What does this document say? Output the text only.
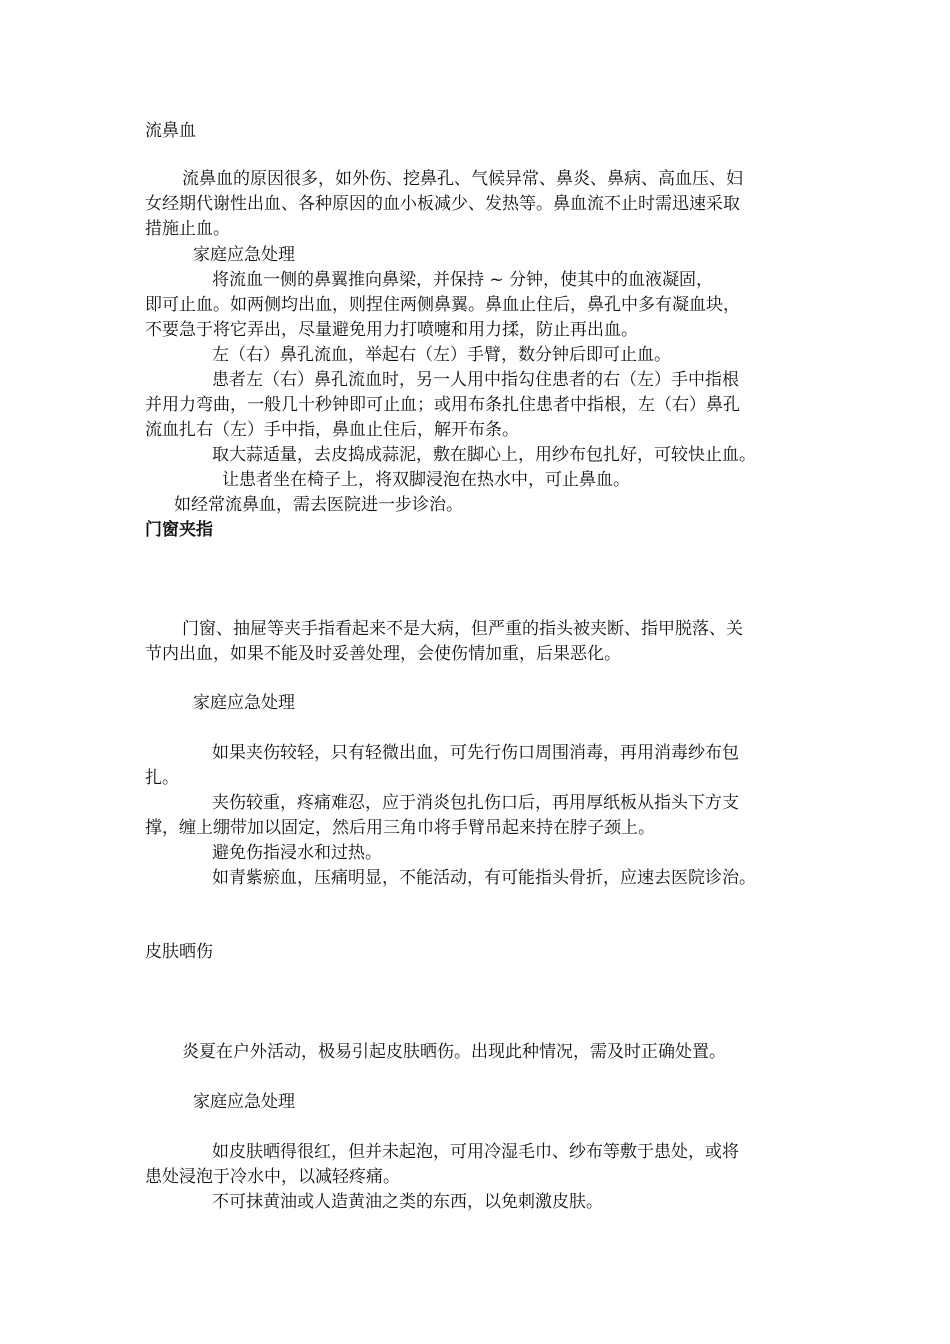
流鼻血

流鼻血的原因很多，如外伤、挖鼻孔、气候异常、鼻炎、鼻病、高血压、妇

女经期代谢性出血、各种原因的血小板减少、发热等。鼻血流不止时需迅速采取

措施止血。

家庭应急处理

将流血一侧的鼻翼推向鼻梁，并保持 ~ 分钟，使其中的血液凝固，

即可止血。如两侧均出血，则捏住两侧鼻翼。鼻血止住后，鼻孔中多有凝血块，

不要急于将它弄出，尽量避免用力打喷嚏和用力揉，防止再出血。

左（右）鼻孔流血，举起右（左）手臂，数分钟后即可止血。

患者左（右）鼻孔流血时，另一人用中指勾住患者的右（左）手中指根

并用力弯曲，一般几十秒钟即可止血；或用布条扎住患者中指根，左（右）鼻孔

流血扎右（左）手中指，鼻血止住后，解开布条。

取大蒜适量，去皮捣成蒜泥，敷在脚心上，用纱布包扎好，可较快止血。

让患者坐在椅子上，将双脚浸泡在热水中，可止鼻血。

如经常流鼻血，需去医院进一步诊治。

门窗夹指

门窗、抽屉等夹手指看起来不是大病，但严重的指头被夹断、指甲脱落、关

节内出血，如果不能及时妥善处理，会使伤情加重，后果恶化。

家庭应急处理

如果夹伤较轻，只有轻微出血，可先行伤口周围消毒，再用消毒纱布包

扎。

夹伤较重，疼痛难忍，应于消炎包扎伤口后，再用厚纸板从指头下方支

撑，缠上绷带加以固定，然后用三角巾将手臂吊起来持在脖子颈上。

避免伤指浸水和过热。

如青紫瘀血，压痛明显，不能活动，有可能指头骨折，应速去医院诊治。

皮肤晒伤

炎夏在户外活动，极易引起皮肤晒伤。出现此种情况，需及时正确处置。

家庭应急处理

如皮肤晒得很红，但并未起泡，可用冷湿毛巾、纱布等敷于患处，或将

患处浸泡于冷水中，以减轻疼痛。

不可抹黄油或人造黄油之类的东西，以免刺激皮肤。
